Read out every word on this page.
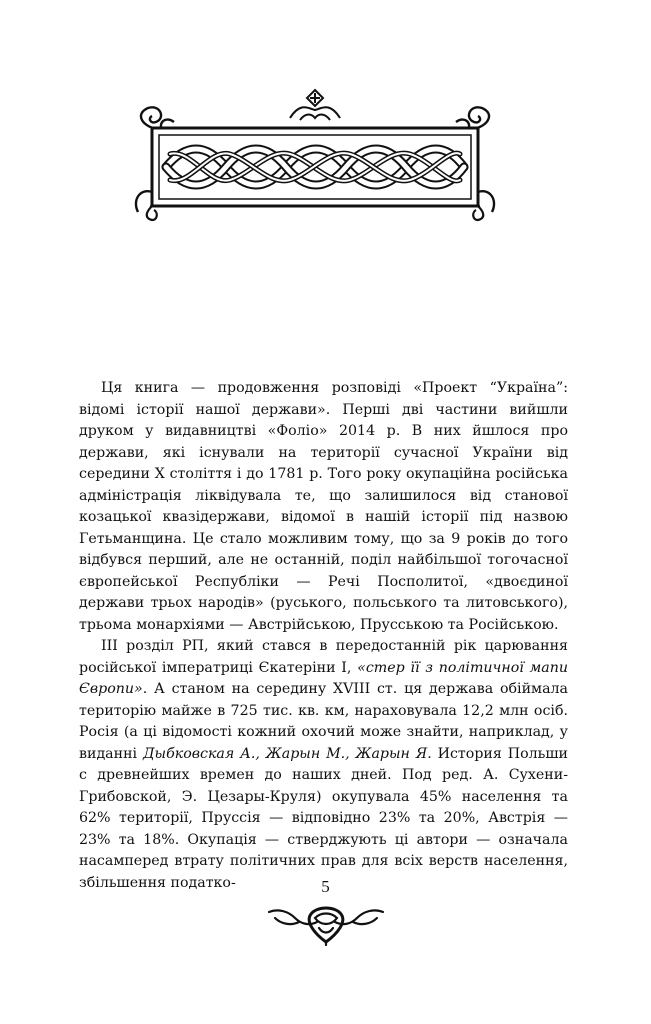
Ця книга — продовження розповіді «Проект “Україна”: відомі історії нашої держави». Перші дві частини вийшли друком у видавництві «Фоліо» 2014 р. В них йшлося про держави, які існували на території сучасної України від середини Х століття і до 1781 р. Того року окупаційна російська адміністрація ліквідувала те, що залишилося від станової козацької квазідержави, відомої в нашій історії під назвою Гетьманщина. Це стало можливим тому, що за 9 років до того відбувся перший, але не останній, поділ найбільшої тогочасної європейської Республіки — Речі Посполитої, «двоєдиної держави трьох народів» (руського, польського та литовського), трьома монархіями — Австрійською, Прусською та Російською.

ІІІ розділ РП, який стався в передостанній рік царювання російської імператриці Єкатеріни І, «стер її з політичної мапи Європи». А станом на середину XVIII ст. ця держава обіймала територію майже в 725 тис. кв. км, нараховувала 12,2 млн осіб. Росія (а ці відомості кожний охочий може знайти, наприклад, у виданні Дыбковская А., Жарын М., Жарын Я. История Польши с древнейших времен до наших дней. Под ред. А. Сухени-Грибовской, Э. Цезары-Круля) окупувала 45% населення та 62% території, Пруссія — відповідно 23% та 20%, Австрія — 23% та 18%. Окупація — стверджують ці автори — означала насамперед втрату політичних прав для всіх верств населення, збільшення податко-	5
